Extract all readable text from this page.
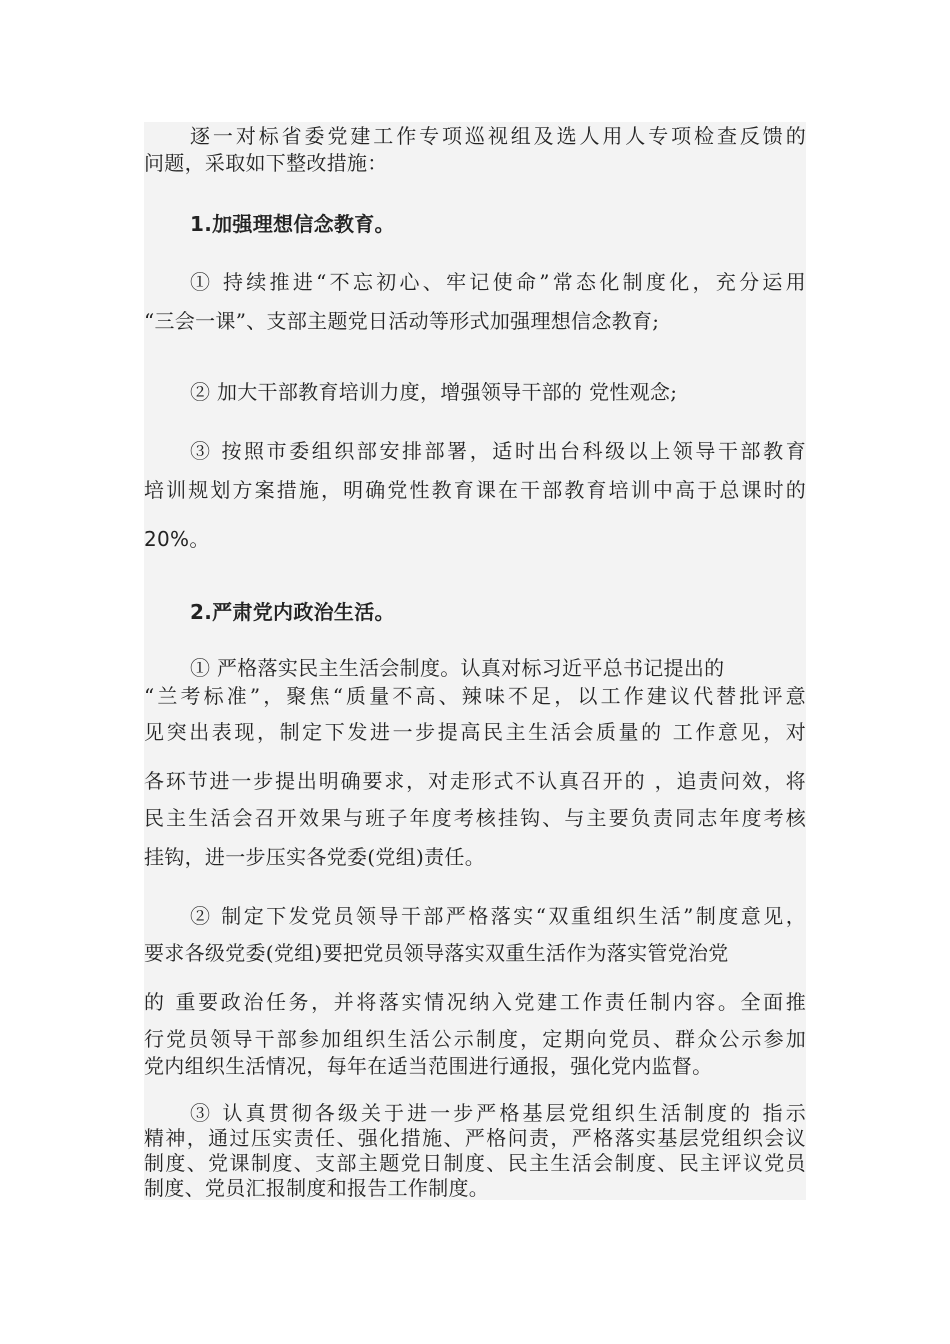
逐一对标省委党建工作专项巡视组及选人用人专项检查反馈的
问题，采取如下整改措施：
1.加强理想信念教育。
① 持续推进“不忘初心、牢记使命”常态化制度化，充分运用
“三会一课”、支部主题党日活动等形式加强理想信念教育;
② 加大干部教育培训力度，增强领导干部的 党性观念;
③ 按照市委组织部安排部署，适时出台科级以上领导干部教育
培训规划方案措施，明确党性教育课在干部教育培训中高于总课时的
20%。
2.严肃党内政治生活。
① 严格落实民主生活会制度。认真对标习近平总书记提出的
“兰考标准”，聚焦“质量不高、辣味不足，以工作建议代替批评意
见突出表现，制定下发进一步提高民主生活会质量的 工作意见，对
各环节进一步提出明确要求，对走形式不认真召开的 ，追责问效，将
民主生活会召开效果与班子年度考核挂钩、与主要负责同志年度考核
挂钩，进一步压实各党委(党组)责任。
② 制定下发党员领导干部严格落实“双重组织生活”制度意见，
要求各级党委(党组)要把党员领导落实双重生活作为落实管党治党
的 重要政治任务，并将落实情况纳入党建工作责任制内容。全面推
行党员领导干部参加组织生活公示制度，定期向党员、群众公示参加
党内组织生活情况，每年在适当范围进行通报，强化党内监督。
③ 认真贯彻各级关于进一步严格基层党组织生活制度的 指示
精神，通过压实责任、强化措施、严格问责，严格落实基层党组织会议
制度、党课制度、支部主题党日制度、民主生活会制度、民主评议党员
制度、党员汇报制度和报告工作制度。
